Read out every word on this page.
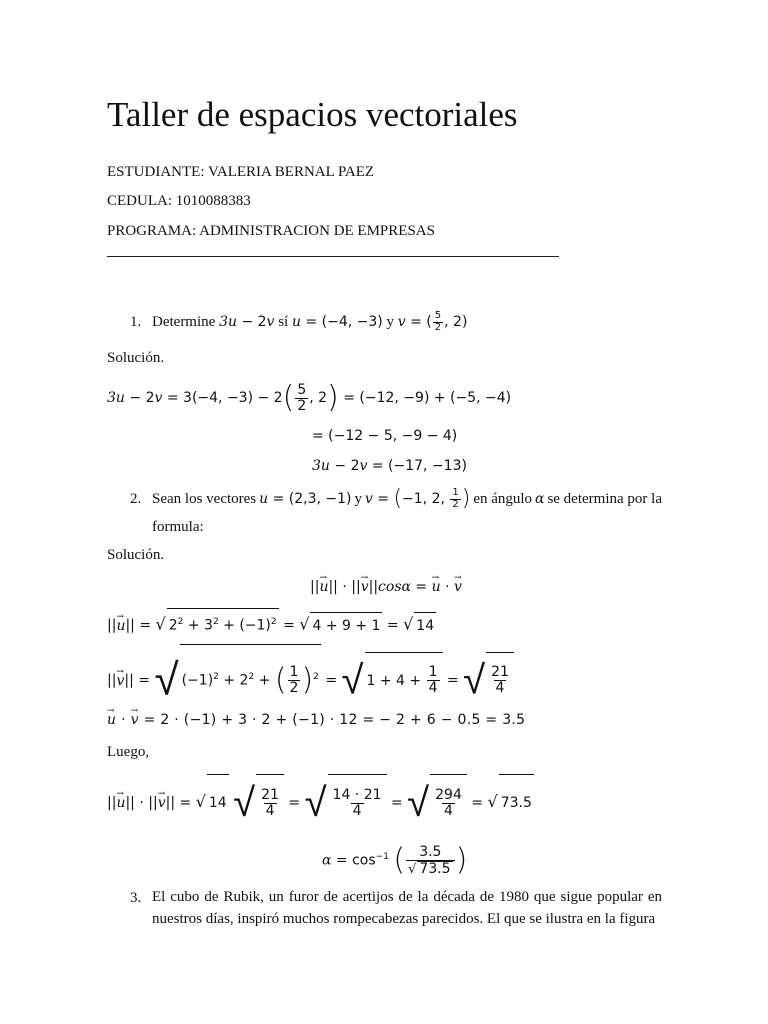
Taller de espacios vectoriales
ESTUDIANTE: VALERIA BERNAL PAEZ
CEDULA: 1010088383
PROGRAMA: ADMINISTRACION DE EMPRESAS
1. Determine 3u − 2v sí u = (−4, −3) y v = ( $\frac{5}{2}$ , 2)
Solución.
3u − 2v = 3(−4, $-3) - 2( \frac{5}{2}$ , 2) = (−12, −9) + (−5, −4)
= (−12 − 5, −9 − 4)
3u − 2v = (−17, −13)
2. Sean los vectores u = (2,3, −1) y v = (−1, 2, $\frac{1}{2}$ ) en ángulo α se determina por la
formula:
Solución.
||→ u|| · ||→ v||cosα = → u · → v
||→ u|| = √ $2^2 + 3^2 + (-1)^2$ = √ 4 + 9 + 1 = √ 14
||→ v|| = √ $(-1)^2 + 2^2$ + ( $\frac{1}{2} )^2$ = √ $1 + 4 + \frac{1}{4}$ = √ $\frac{21}{4}$
→ u · → v = 2 · (−1) + 3 · 2 + (−1) · 12 = − 2 + 6 − 0.5 = 3.5
Luego,
||→ u|| · ||→ v|| = √ 14 √ $\frac{21}{4}$ = √ $\frac{14 \cdot 21}{4}$ = √ $\frac{294}{4}$ = √ 73.5
$\alpha = \cos^{-1}$ ( $\frac{3.5}{√ 73.5}$ )
3. El cubo de Rubik, un furor de acertijos de la década de 1980 que sigue popular en nuestros días, inspiró muchos rompecabezas parecidos. El que se ilustra en la figura
